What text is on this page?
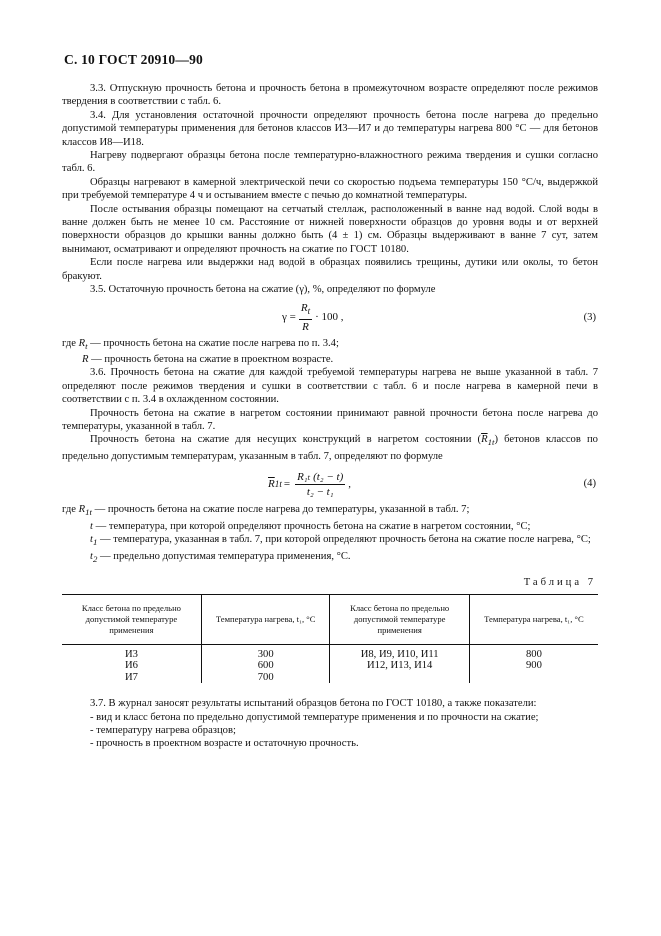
С. 10 ГОСТ 20910—90

3.3. Отпускную прочность бетона и прочность бетона в промежуточном возрасте определяют после режимов твердения в соответствии с табл. 6.

3.4. Для установления остаточной прочности определяют прочность бетона после нагрева до предельно допустимой температуры применения для бетонов классов И3—И7 и до температуры нагрева 800 °С — для бетонов классов И8—И18.

Нагреву подвергают образцы бетона после температурно-влажностного режима твердения и сушки согласно табл. 6.

Образцы нагревают в камерной электрической печи со скоростью подъема температуры 150 °С/ч, выдержкой при требуемой температуре 4 ч и остыванием вместе с печью до комнатной температуры.

После остывания образцы помещают на сетчатый стеллаж, расположенный в ванне над водой. Слой воды в ванне должен быть не менее 10 см. Расстояние от нижней поверхности образцов до уровня воды и от верхней поверхности образцов до крышки ванны должно быть (4 ± 1) см. Образцы выдерживают в ванне 7 сут, затем вынимают, осматривают и определяют прочность на сжатие по ГОСТ 10180.

Если после нагрева или выдержки над водой в образцах появились трещины, дутики или околы, то бетон бракуют.

3.5. Остаточную прочность бетона на сжатие (γ), %, определяют по формуле

$\gamma = \frac{R_t}{R} \cdot 100$ ,	(3)
где $R_t$ — прочность бетона на сжатие после нагрева по п. 3.4;
R — прочность бетона на сжатие в проектном возрасте.

3.6. Прочность бетона на сжатие для каждой требуемой температуры нагрева не выше указанной в табл. 7 определяют после режимов твердения и сушки в соответствии с табл. 6 и после нагрева в камерной печи в соответствии с п. 3.4 в охлажденном состоянии.

Прочность бетона на сжатие в нагретом состоянии принимают равной прочности бетона после нагрева до температуры, указанной в табл. 7.

Прочность бетона на сжатие для несущих конструкций в нагретом состоянии $(\overline{R}_{1t})$ бетонов классов по предельно допустимым температурам, указанным в табл. 7, определяют по формуле

$\overline{R}$ $1t = \frac{\text{R₁ₜ (t₂ − t)}}{\text{t₂ − t₁}}$ ,	(4)
где $R_{1t}$ — прочность бетона на сжатие после нагрева до температуры, указанной в табл. 7;
t — температура, при которой определяют прочность бетона на сжатие в нагретом состоянии, °С;
$t_1$ — температура, указанная в табл. 7, при которой определяют прочность бетона на сжатие после нагрева, °С;
$t_2$ — предельно допустимая температура применения, °С.
Таблица 7
Класс бетона по предельно допустимой температуре применения	Температура нагрева, t₁, °С	Класс бетона по предельно допустимой температуре применения	Температура нагрева, t₁, °С
И3	300	И8, И9, И10, И11	800
И6	600	И12, И13, И14	900
И7	700		

3.7. В журнал заносят результаты испытаний образцов бетона по ГОСТ 10180, а также показатели:

- вид и класс бетона по предельно допустимой температуре применения и по прочности на сжатие;
- температуру нагрева образцов;
- прочность в проектном возрасте и остаточную прочность.
